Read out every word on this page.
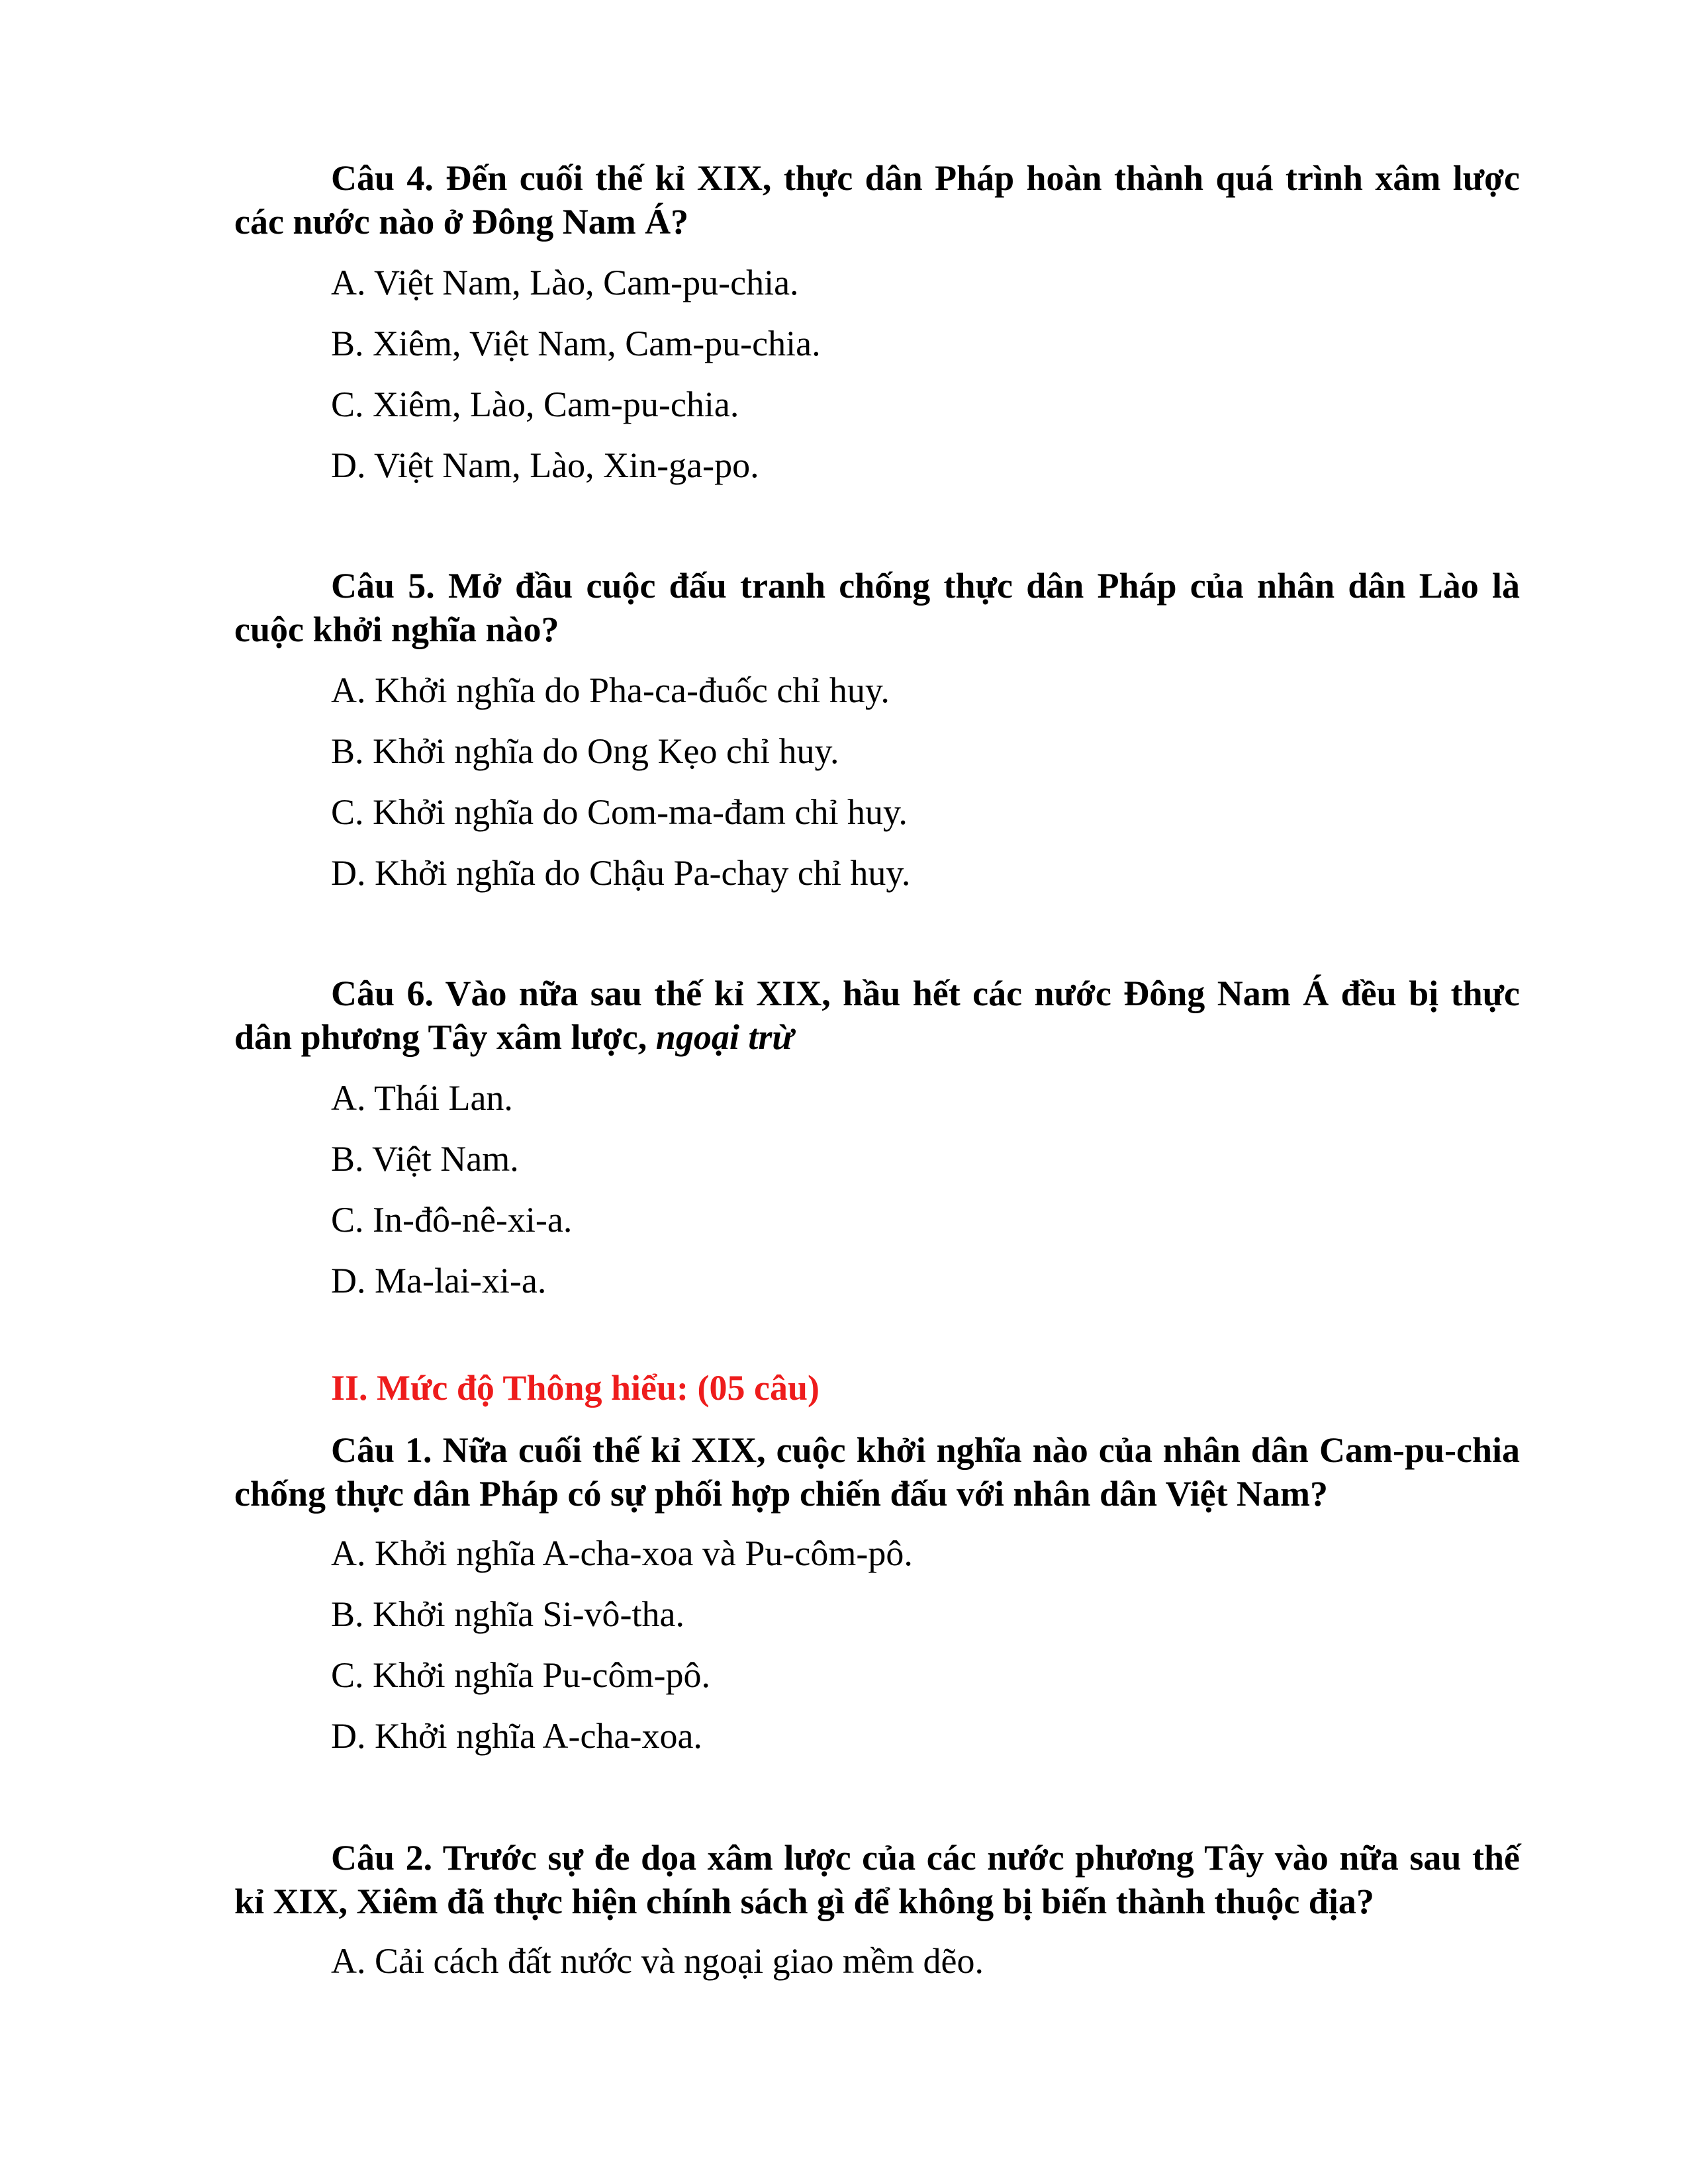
Câu 4. Đến cuối thế kỉ XIX, thực dân Pháp hoàn thành quá trình xâm lược các nước nào ở Đông Nam Á?

A. Việt Nam, Lào, Cam-pu-chia.

B. Xiêm, Việt Nam, Cam-pu-chia.

C. Xiêm, Lào, Cam-pu-chia.

D. Việt Nam, Lào, Xin-ga-po.

Câu 5. Mở đầu cuộc đấu tranh chống thực dân Pháp của nhân dân Lào là cuộc khởi nghĩa nào?

A. Khởi nghĩa do Pha-ca-đuốc chỉ huy.

B. Khởi nghĩa do Ong Kẹo chỉ huy.

C. Khởi nghĩa do Com-ma-đam chỉ huy.

D. Khởi nghĩa do Chậu Pa-chay chỉ huy.

Câu 6. Vào nữa sau thế kỉ XIX, hầu hết các nước Đông Nam Á đều bị thực dân phương Tây xâm lược, ngoại trừ

A. Thái Lan.

B. Việt Nam.

C. In-đô-nê-xi-a.

D. Ma-lai-xi-a.

II. Mức độ Thông hiểu: (05 câu)

Câu 1. Nữa cuối thế kỉ XIX, cuộc khởi nghĩa nào của nhân dân Cam-pu-chia chống thực dân Pháp có sự phối hợp chiến đấu với nhân dân Việt Nam?

A. Khởi nghĩa A-cha-xoa và Pu-côm-pô.

B. Khởi nghĩa Si-vô-tha.

C. Khởi nghĩa Pu-côm-pô.

D. Khởi nghĩa A-cha-xoa.

Câu 2. Trước sự đe dọa xâm lược của các nước phương Tây vào nữa sau thế kỉ XIX, Xiêm đã thực hiện chính sách gì để không bị biến thành thuộc địa?

A. Cải cách đất nước và ngoại giao mềm dẽo.
